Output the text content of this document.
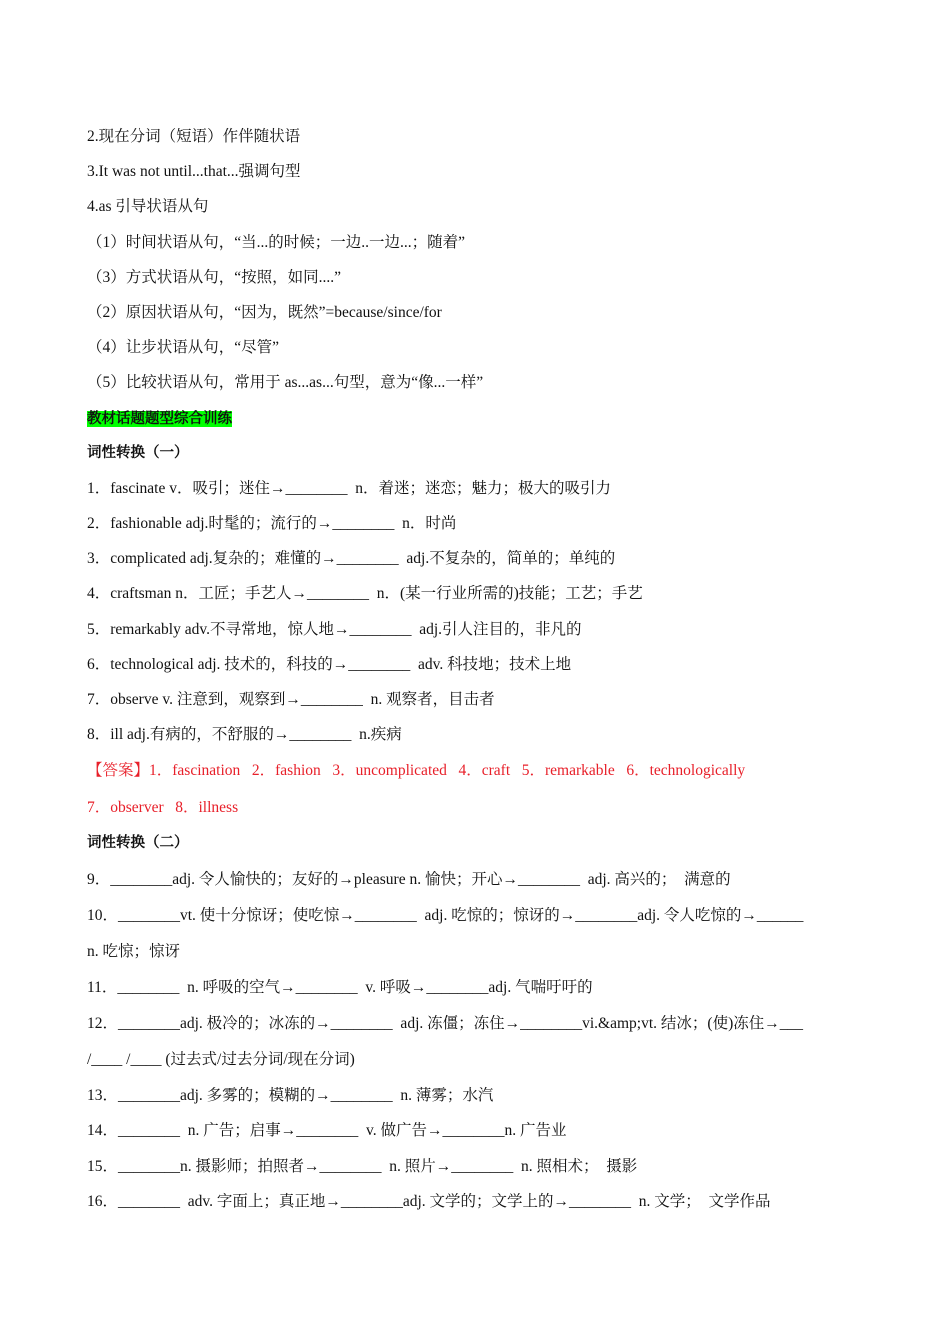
2.现在分词（短语）作伴随状语
3.It was not until...that...强调句型
4.as 引导状语从句
（1）时间状语从句，“当...的时候；一边..一边...；随着”
（3）方式状语从句，“按照，如同....”
（2）原因状语从句，“因为，既然”=because/since/for
（4）让步状语从句，“尽管”
（5）比较状语从句，常用于 as...as...句型，意为“像...一样”
教材话题题型综合训练
词性转换（一）
1．fascinate v．吸引；迷住→________  n．着迷；迷恋；魅力；极大的吸引力
2．fashionable adj.时髦的；流行的→________  n．时尚
3．complicated adj.复杂的；难懂的→________  adj.不复杂的，简单的；单纯的
4．craftsman n．工匠；手艺人→________  n．(某一行业所需的)技能；工艺；手艺
5．remarkably adv.不寻常地，惊人地→________  adj.引人注目的，非凡的
6．technological adj. 技术的，科技的→________  adv. 科技地；技术上地
7．observe v. 注意到，观察到→________  n. 观察者，目击者
8．ill adj.有病的，不舒服的→________  n.疾病
【答案】1．fascination   2．fashion   3．uncomplicated   4．craft   5．remarkable   6．technologically
7．observer   8．illness
词性转换（二）
9．________adj. 令人愉快的；友好的→pleasure n. 愉快；开心→________  adj. 高兴的；  满意的
10．________vt. 使十分惊讶；使吃惊→________  adj. 吃惊的；惊讶的→________adj. 令人吃惊的→______
n. 吃惊；惊讶
11．________  n. 呼吸的空气→________  v. 呼吸→________adj. 气喘吁吁的
12．________adj. 极冷的；冰冻的→________  adj. 冻僵；冻住→________vi.&amp;vt. 结冰；(使)冻住→___
/____ /____ (过去式/过去分词/现在分词)
13．________adj. 多雾的；模糊的→________  n. 薄雾；水汽
14．________  n. 广告；启事→________  v. 做广告→________n. 广告业
15．________n. 摄影师；拍照者→________  n. 照片→________  n. 照相术；  摄影
16．________  adv. 字面上；真正地→________adj. 文学的；文学上的→________  n. 文学；  文学作品
